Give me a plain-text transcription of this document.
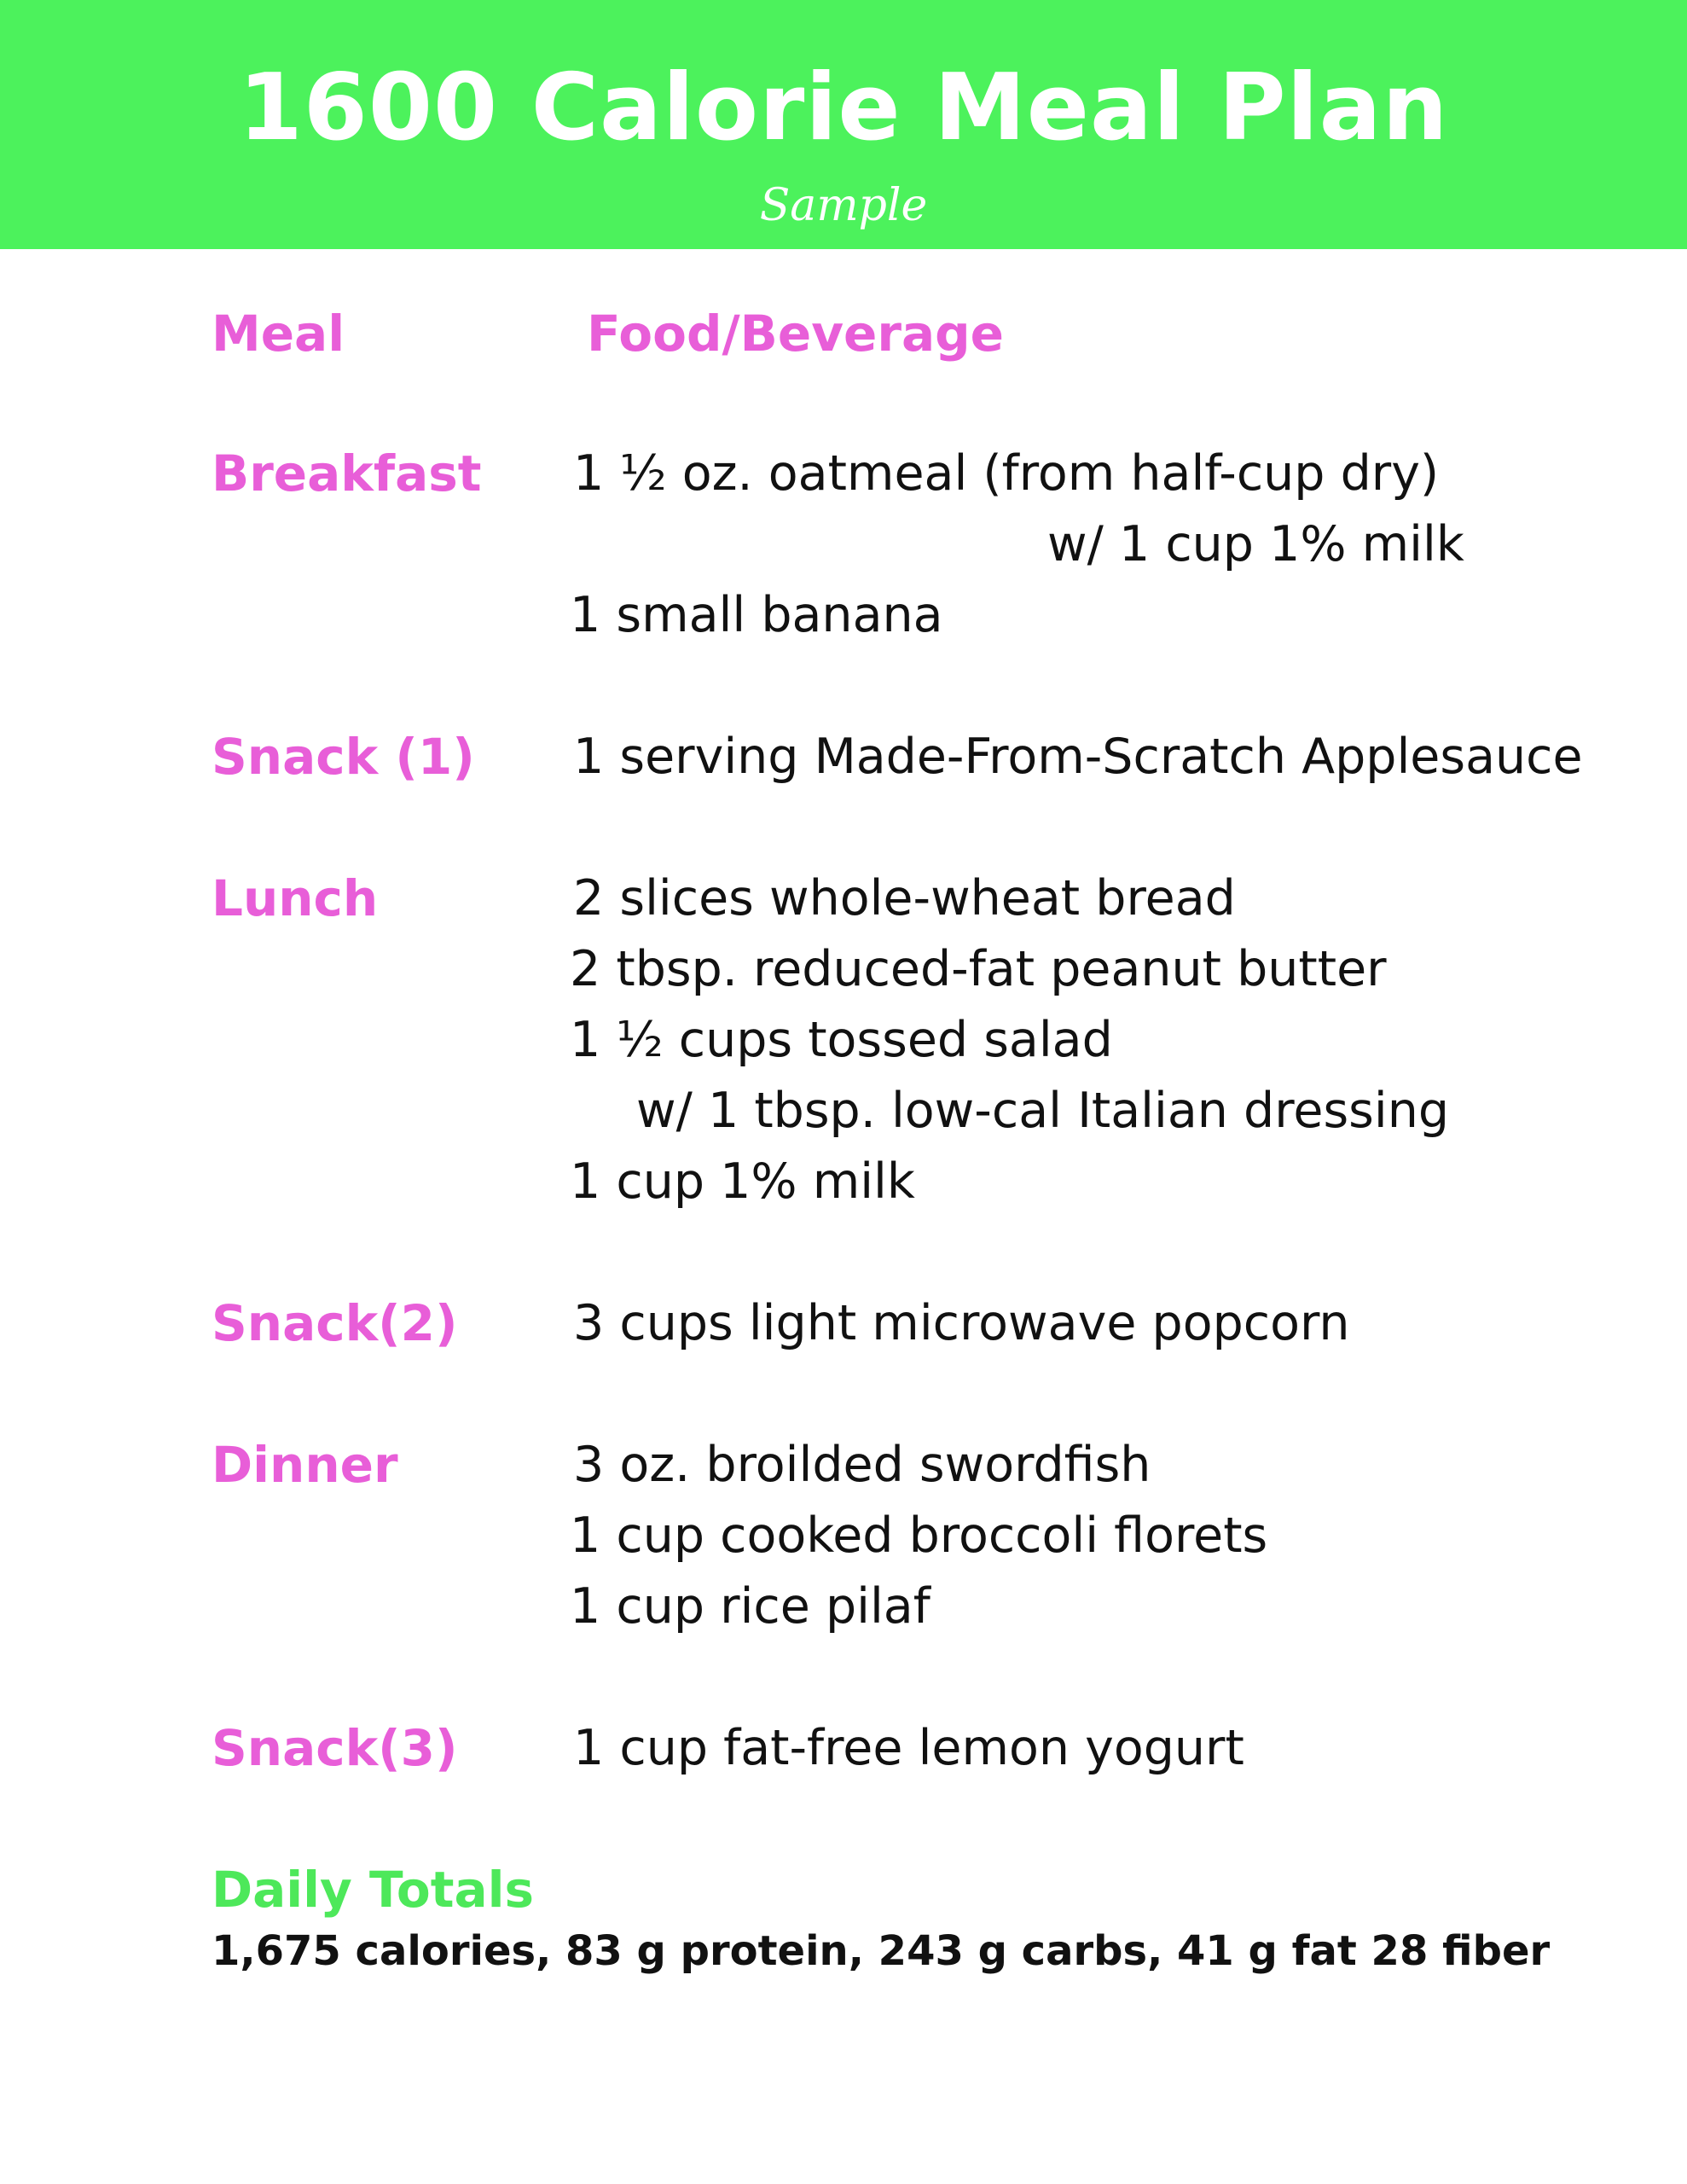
1600 Calorie Meal Plan
Sample
Meal	Food/Beverage
Breakfast 1 ½ oz. oatmeal (from half-cup dry)
w/ 1 cup 1% milk
1 small banana
Snack (1) 1 serving Made-From-Scratch Applesauce
Lunch	2 slices whole-wheat bread
2 tbsp. reduced-fat peanut butter
1 ½ cups tossed salad
w/ 1 tbsp. low-cal Italian dressing
1 cup 1% milk
Snack(2) 3 cups light microwave popcorn
Dinner	3 oz. broilded swordfish
1 cup cooked broccoli florets
1 cup rice pilaf
Snack(3) 1 cup fat-free lemon yogurt
Daily Totals
1,675 calories, 83 g protein, 243 g carbs, 41 g fat 28 fiber
